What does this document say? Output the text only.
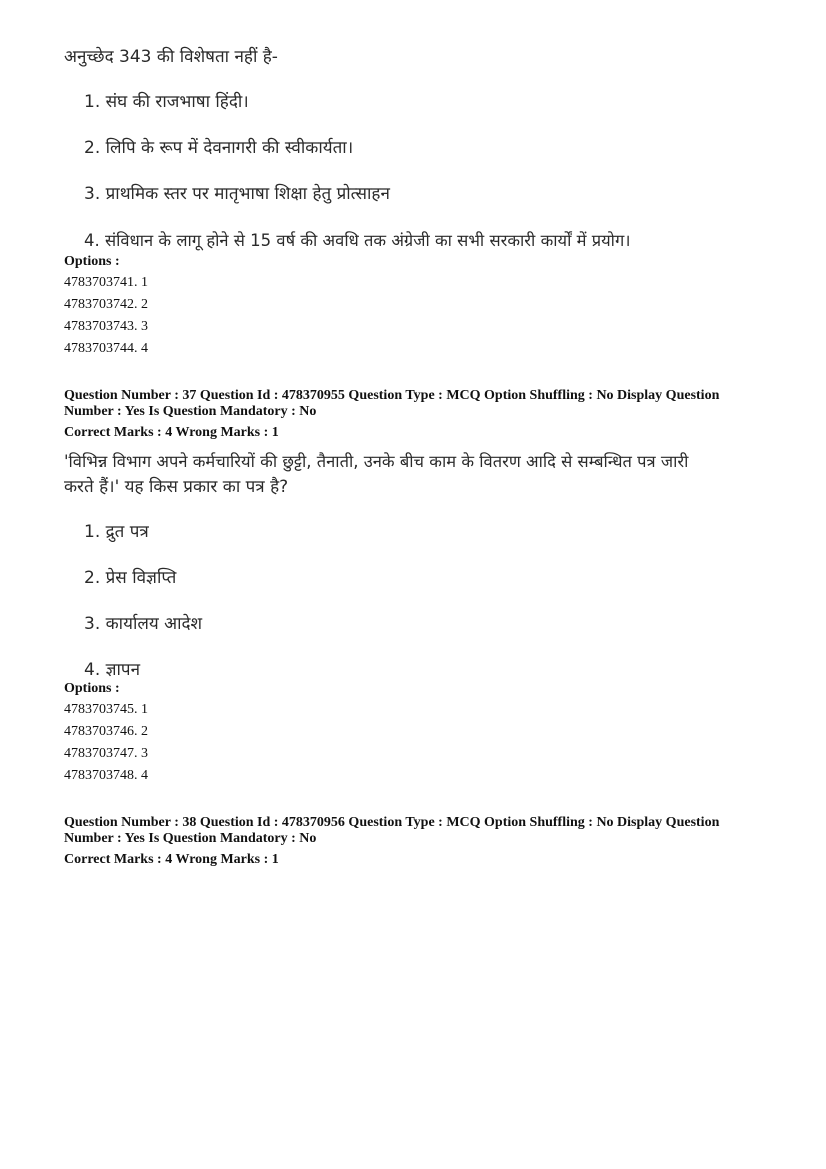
अनुच्छेद 343 की विशेषता नहीं है-
1. संघ की राजभाषा हिंदी।
2. लिपि के रूप में देवनागरी की स्वीकार्यता।
3. प्राथमिक स्तर पर मातृभाषा शिक्षा हेतु प्रोत्साहन
4. संविधान के लागू होने से 15 वर्ष की अवधि तक अंग्रेजी का सभी सरकारी कार्यों में प्रयोग।
Options :
4783703741. 1
4783703742. 2
4783703743. 3
4783703744. 4
Question Number : 37 Question Id : 478370955 Question Type : MCQ Option Shuffling : No Display Question
Number : Yes Is Question Mandatory : No
Correct Marks : 4 Wrong Marks : 1
'विभिन्न विभाग अपने कर्मचारियों की छुट्टी, तैनाती, उनके बीच काम के वितरण आदि से सम्बन्धित पत्र जारी
करते हैं।' यह किस प्रकार का पत्र है?
1. द्रुत पत्र
2. प्रेस विज्ञप्ति
3. कार्यालय आदेश
4. ज्ञापन
Options :
4783703745. 1
4783703746. 2
4783703747. 3
4783703748. 4
Question Number : 38 Question Id : 478370956 Question Type : MCQ Option Shuffling : No Display Question
Number : Yes Is Question Mandatory : No
Correct Marks : 4 Wrong Marks : 1
